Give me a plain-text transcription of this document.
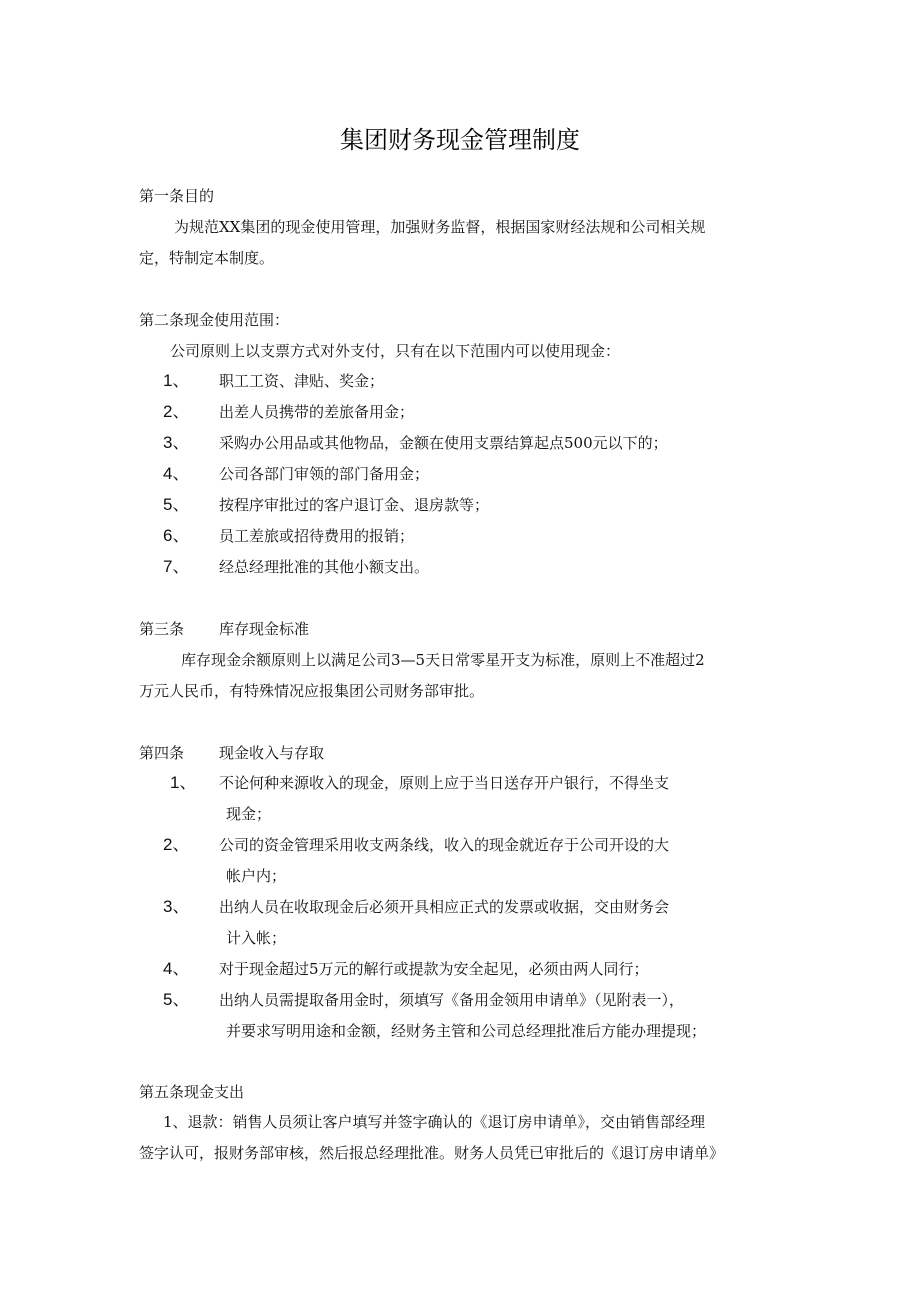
集团财务现金管理制度
第一条目的
为规范XX集团的现金使用管理，加强财务监督，根据国家财经法规和公司相关规
定，特制定本制度。
第二条现金使用范围：
公司原则上以支票方式对外支付，只有在以下范围内可以使用现金：
1、 职工工资、津贴、奖金；
2、 出差人员携带的差旅备用金；
3、 采购办公用品或其他物品，金额在使用支票结算起点500元以下的；
4、 公司各部门审领的部门备用金；
5、 按程序审批过的客户退订金、退房款等；
6、 员工差旅或招待费用的报销；
7、 经总经理批准的其他小额支出。
第三条 库存现金标准
库存现金余额原则上以满足公司3—5天日常零星开支为标准，原则上不准超过2
万元人民币，有特殊情况应报集团公司财务部审批。
第四条 现金收入与存取
1、 不论何种来源收入的现金，原则上应于当日送存开户银行，不得坐支
现金；
2、 公司的资金管理采用收支两条线，收入的现金就近存于公司开设的大
帐户内；
3、 出纳人员在收取现金后必须开具相应正式的发票或收据，交由财务会
计入帐；
4、 对于现金超过5万元的解行或提款为安全起见，必须由两人同行；
5、 出纳人员需提取备用金时，须填写《备用金领用申请单》（见附表一），
并要求写明用途和金额，经财务主管和公司总经理批准后方能办理提现；
第五条现金支出
1、退款：销售人员须让客户填写并签字确认的《退订房申请单》，交由销售部经理
签字认可，报财务部审核，然后报总经理批准。财务人员凭已审批后的《退订房申请单》
